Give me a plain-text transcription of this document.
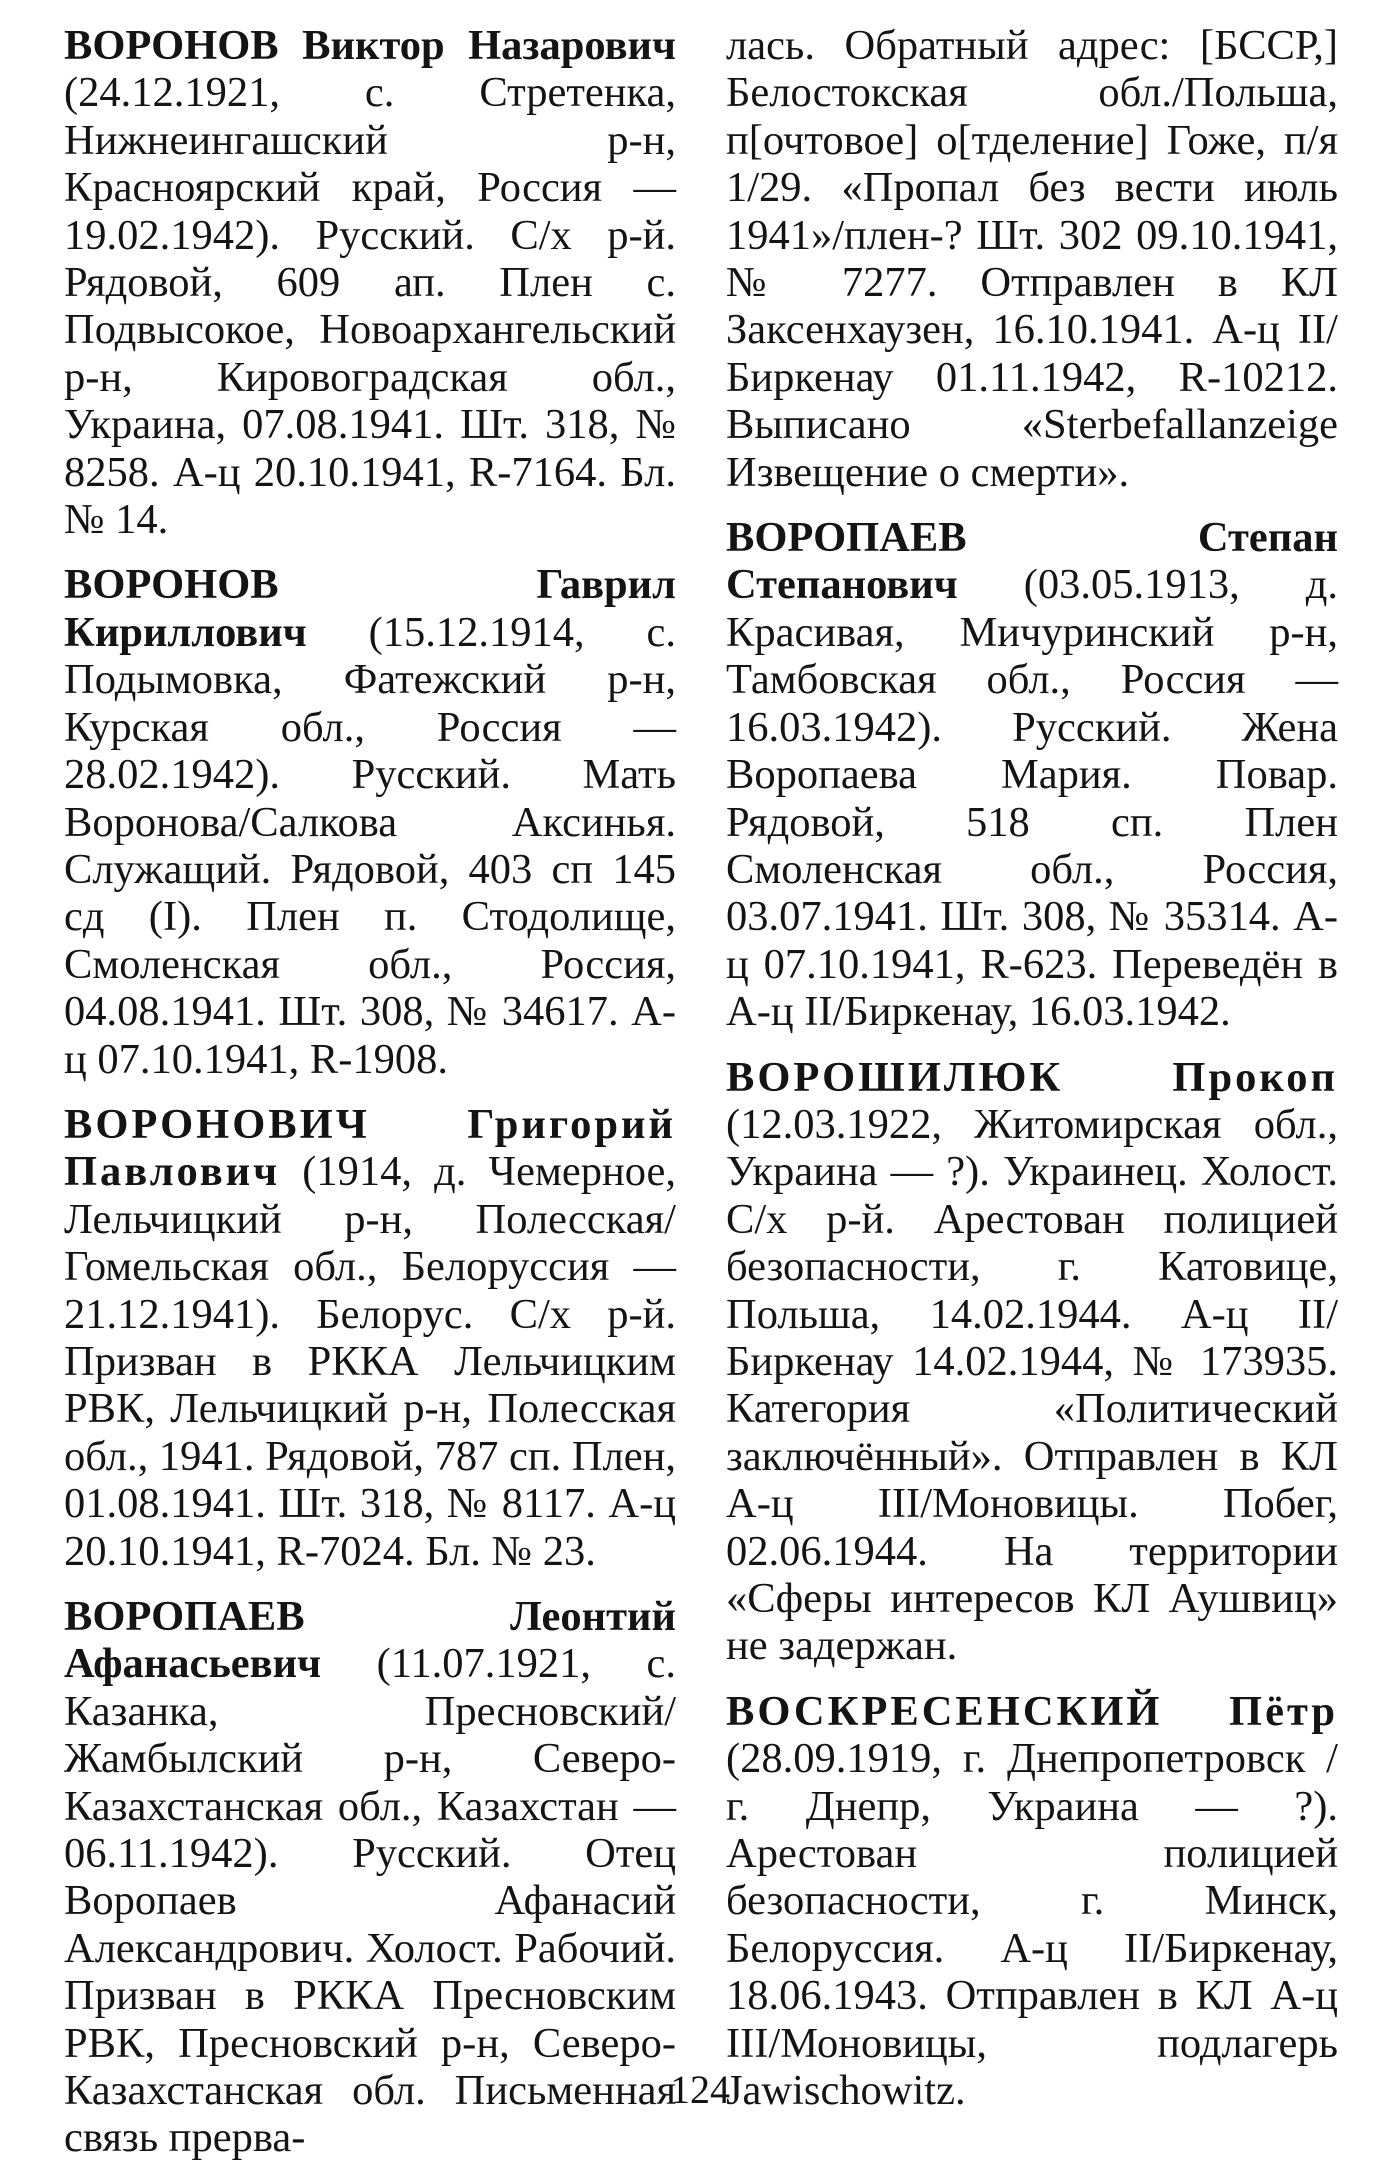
ВОРОНОВ Виктор Назарович (24.12.1921, с. Стретенка, Нижнеингашский р-н, Красноярский край, Россия — 19.02.1942). Русский. С/х р-й. Рядовой, 609 ап. Плен с. Подвысокое, Новоархангельский р-н, Кировоградская обл., Украина, 07.08.1941. Шт. 318, № 8258. А-ц 20.10.1941, R-7164. Бл. № 14.

ВОРОНОВ	Гаврил Кириллович (15.12.1914, с. Подымовка, Фатежский р-н, Курская обл., Россия — 28.02.1942). Русский. Мать Воронова/Салкова Аксинья. Служащий. Рядовой, 403 сп 145 сд (I). Плен п. Стодолище, Смоленская обл., Россия, 04.08.1941. Шт. 308, № 34617. А-ц 07.10.1941, R-1908.

ВОРОНОВИЧ Григорий Павлович (1914, д. Чемерное, Лельчицкий р-н, Полесская/ Гомельская обл., Белоруссия — 21.12.1941). Белорус. С/х р-й. Призван в РККА Лельчицким РВК, Лельчицкий р-н, Полесская обл., 1941. Рядовой, 787 сп. Плен, 01.08.1941. Шт. 318, № 8117. А-ц 20.10.1941, R-7024. Бл. № 23.

ВОРОПАЕВ	Леонтий Афанасьевич (11.07.1921, с. Казанка, Пресновский/Жамбылский р-н, Северо-Казахстанская обл., Казахстан — 06.11.1942). Русский. Отец Воропаев Афанасий Александрович. Холост. Рабочий. Призван в РККА Пресновским РВК, Пресновский р-н, Северо-Казахстанская обл. Письменная связь прерва-

лась. Обратный адрес: [БССР,] Белостокская обл./Польша, п[очтовое] о[тделение] Гоже, п/я 1/29. «Пропал без вести июль 1941»/плен-? Шт. 302 09.10.1941, № 7277. Отправлен в КЛ Заксенхаузен, 16.10.1941. А-ц II/Биркенау 01.11.1942, R-10212. Выписано «Sterbefallanzeige Извещение о смерти».

ВОРОПАЕВ	Степан Степанович (03.05.1913, д. Красивая, Мичуринский р-н, Тамбовская обл., Россия — 16.03.1942). Русский. Жена Воропаева Мария. Повар. Рядовой, 518 сп. Плен Смоленская обл., Россия, 03.07.1941. Шт. 308, № 35314. А-ц 07.10.1941, R-623. Переведён в А-ц II/Биркенау, 16.03.1942.

ВОРОШИЛЮК	Прокоп (12.03.1922, Житомирская обл., Украина — ?). Украинец. Холост. С/х р-й. Арестован полицией безопасности, г. Катовице, Польша, 14.02.1944. А-ц II/Биркенау 14.02.1944, № 173935. Категория «Политический заключённый». Отправлен в КЛ А-ц III/Моновицы. Побег, 02.06.1944. На территории «Сферы интересов КЛ Аушвиц» не задержан.

ВОСКРЕСЕНСКИЙ Пётр (28.09.1919, г. Днепропетровск / г. Днепр, Украина — ?). Арестован полицией безопасности, г. Минск, Белоруссия. А-ц II/Биркенау, 18.06.1943. Отправлен в КЛ А-ц III/Моновицы, подлагерь Jawischowitz.

124
